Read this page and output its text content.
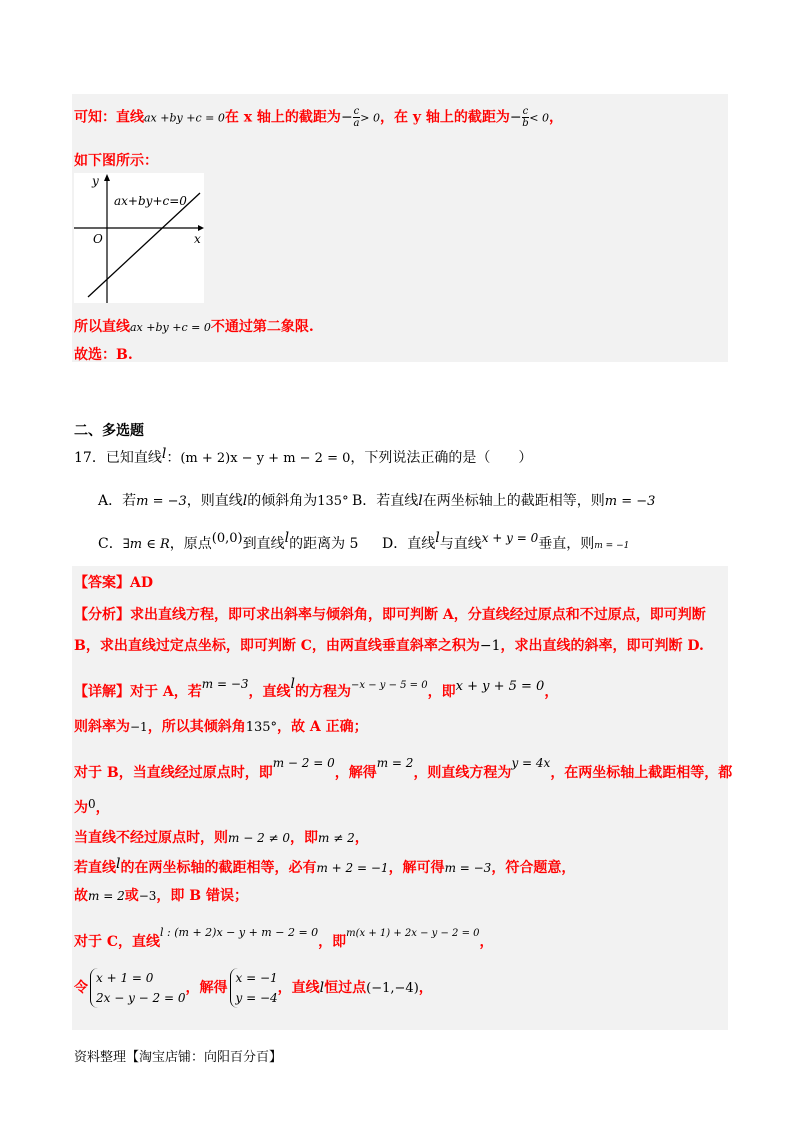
可知：直线ax +by +c = 0在 x 轴上的截距为− $\frac{c}{a} > 0$，在 y 轴上的截距为− $\frac{c}{b} < 0$，
如下图所示：
y
x
O
ax+by+c=0
所以直线ax +by +c = 0不通过第二象限.
故选：B.
二、多选题
17．已知直线l：(m + 2)x − y + m − 2 = 0，下列说法正确的是（　　）
A．若m = −3，则直线l的倾斜角为135° B．若直线l在两坐标轴上的截距相等，则m = −3
C．∃m ∈ R，原点(0,0)到直线l的距离为 5 D．直线l与直线x + y = 0垂直，则m = −1
【答案】AD
【分析】求出直线方程，即可求出斜率与倾斜角，即可判断 A，分直线经过原点和不过原点，即可判断
B，求出直线过定点坐标，即可判断 C，由两直线垂直斜率之积为−1，求出直线的斜率，即可判断 D.
【详解】对于 A，若m = −3，直线l的方程为$^{-x - y - 5 = 0}$，即x + y + 5 = 0，
则斜率为−1，所以其倾斜角135°，故 A 正确；
对于 B，当直线经过原点时，即m − 2 = 0，解得m = 2，则直线方程为y = 4x，在两坐标轴上截距相等，都
为0，
当直线不经过原点时，则m − 2 ≠ 0，即m ≠ 2，
若直线l的在两坐标轴的截距相等，必有m + 2 = −1，解可得m = −3，符合题意，
故m = 2或−3，即 B 错误；
对于 C，直线$^{l : (m + 2)x - y + m - 2 = 0}$，即$^{m(x + 1) + 2x - y - 2 = 0}$，
令
x + 1 = 0
2x − y − 2 = 0
，解得
x = −1
y = −4
，直线l恒过点(−1,−4)，
资料整理【淘宝店铺：向阳百分百】
